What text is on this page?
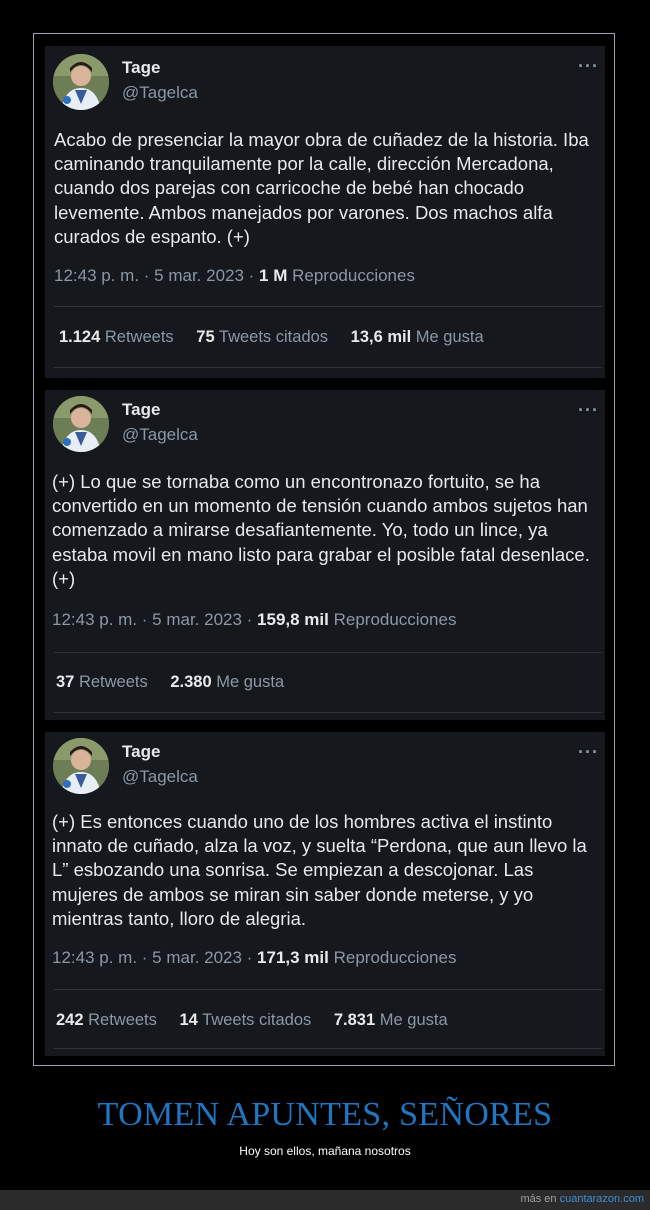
Tage
@Tagelca
···
Acabo de presenciar la mayor obra de cuñadez de la historia. Iba caminando tranquilamente por la calle, dirección Mercadona, cuando dos parejas con carricoche de bebé han chocado levemente. Ambos manejados por varones. Dos machos alfa curados de espanto. (+)
12:43 p. m. · 5 mar. 2023 · 1 M Reproducciones
1.124 Retweets 75 Tweets citados 13,6 mil Me gusta
Tage
@Tagelca
···
(+) Lo que se tornaba como un encontronazo fortuito, se ha convertido en un momento de tensión cuando ambos sujetos han comenzado a mirarse desafiantemente. Yo, todo un lince, ya estaba movil en mano listo para grabar el posible fatal desenlace. (+)
12:43 p. m. · 5 mar. 2023 · 159,8 mil Reproducciones
37 Retweets 2.380 Me gusta
Tage
@Tagelca
···
(+) Es entonces cuando uno de los hombres activa el instinto innato de cuñado, alza la voz, y suelta “Perdona, que aun llevo la L” esbozando una sonrisa. Se empiezan a descojonar. Las mujeres de ambos se miran sin saber donde meterse, y yo mientras tanto, lloro de alegria.
12:43 p. m. · 5 mar. 2023 · 171,3 mil Reproducciones
242 Retweets 14 Tweets citados 7.831 Me gusta
TOMEN APUNTES, SEÑORES
Hoy son ellos, mañana nosotros
más en cuantarazon.com
